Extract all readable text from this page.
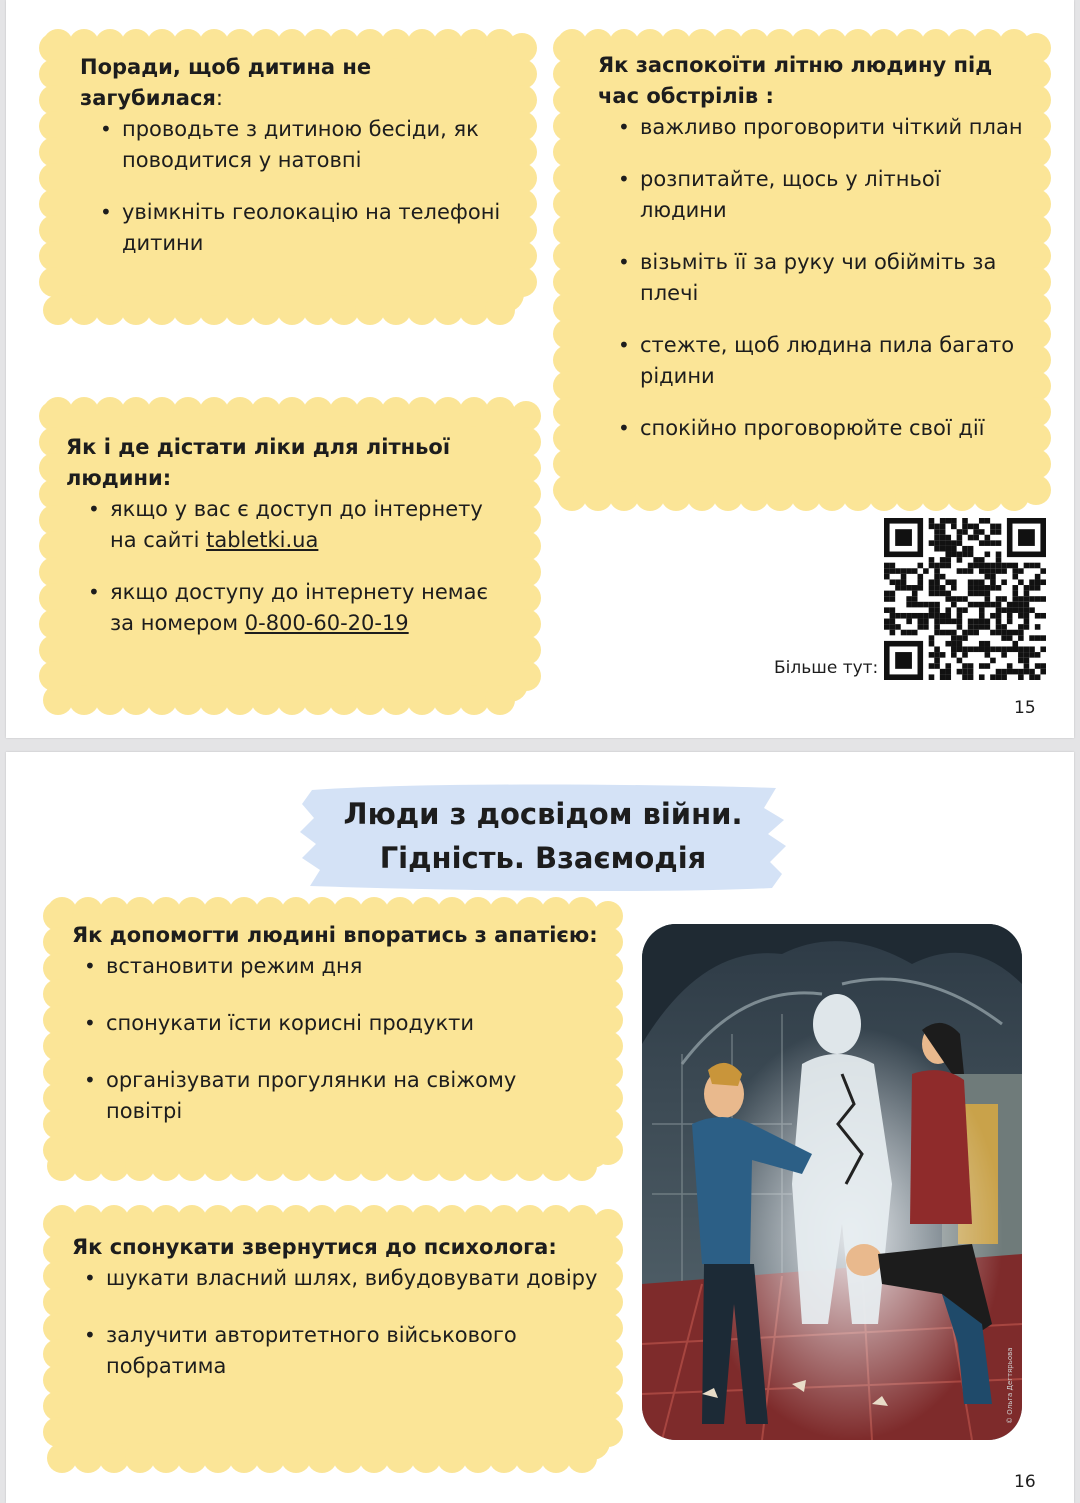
Поради, щоб дитина не загубилася:

• проводьте з дитиною бесіди, як поводитися у натовпі
• увімкніть геолокацію на телефоні дитини

Як заспокоїти літню людину під час обстрілів :

• важливо проговорити чіткий план
• розпитайте, щось у літньої людини
• візьміть її за руку чи обійміть за плечі
• стежте, щоб людина пила багато рідини
• спокійно проговорюйте свої дії

Як і де дістати ліки для літньої людини:

• якщо у вас є доступ до інтернету на сайті tabletki.ua
• якщо доступу до інтернету немає за номером 0-800-60-20-19
Більше тут:
15

Люди з досвідом війни.

Гідність. Взаємодія

Як допомогти людині впоратись з апатією:

• встановити режим дня
• спонукати їсти корисні продукти
• організувати прогулянки на свіжому повітрі

Як спонукати звернутися до психолога:

• шукати власний шлях, вибудовувати довіру
• залучити авторитетного військового побратима	© Ольга Дегтярьова
16
